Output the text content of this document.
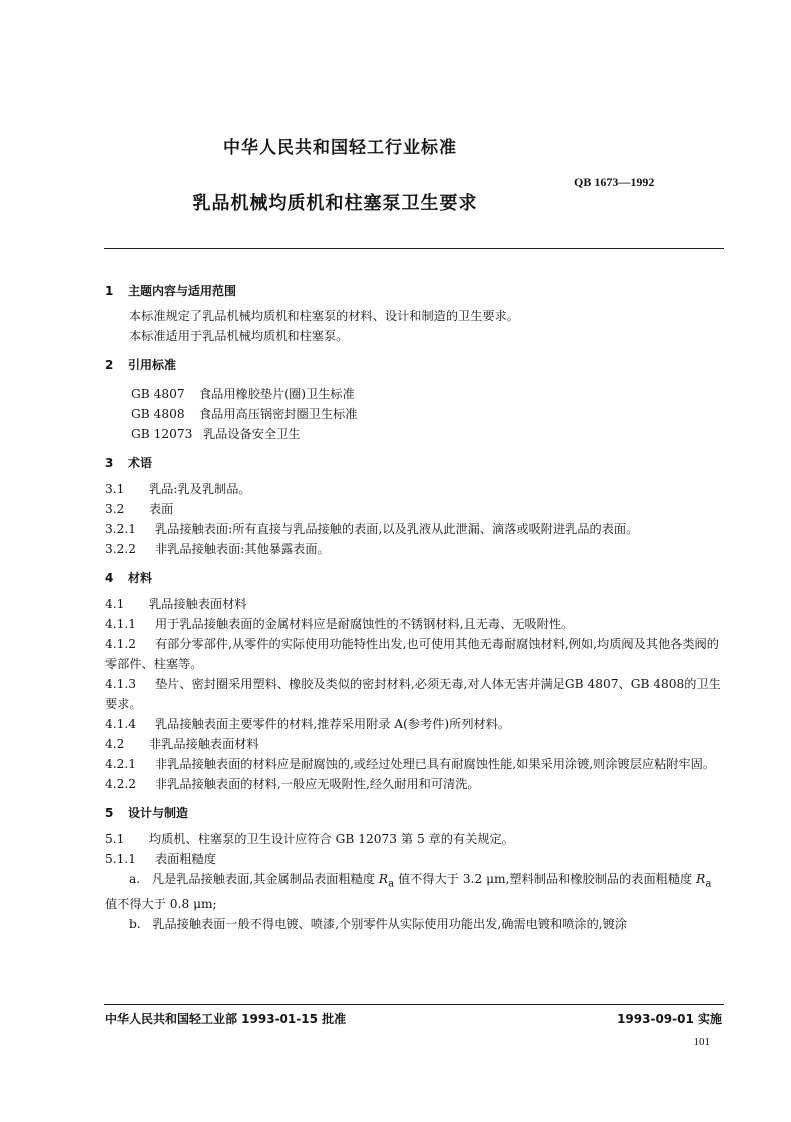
中华人民共和国轻工行业标准
QB 1673—1992
乳品机械均质机和柱塞泵卫生要求

1 主题内容与适用范围

本标准规定了乳品机械均质机和柱塞泵的材料、设计和制造的卫生要求。

本标准适用于乳品机械均质机和柱塞泵。

2 引用标准

GB 4807 食品用橡胶垫片(圈)卫生标准

GB 4808 食品用高压锅密封圈卫生标准

GB 12073 乳品设备安全卫生

3 术语

3.1 乳品:乳及乳制品。

3.2 表面

3.2.1 乳品接触表面:所有直接与乳品接触的表面,以及乳液从此泄漏、滴落或吸附进乳品的表面。

3.2.2 非乳品接触表面:其他暴露表面。

4 材料

4.1 乳品接触表面材料

4.1.1 用于乳品接触表面的金属材料应是耐腐蚀性的不锈钢材料,且无毒、无吸附性。

4.1.2 有部分零部件,从零件的实际使用功能特性出发,也可使用其他无毒耐腐蚀材料,例如,均质阀及其他各类阀的零部件、柱塞等。

4.1.3 垫片、密封圈采用塑料、橡胶及类似的密封材料,必须无毒,对人体无害并满足GB 4807、GB 4808的卫生要求。

4.1.4 乳品接触表面主要零件的材料,推荐采用附录 A(参考件)所列材料。

4.2 非乳品接触表面材料

4.2.1 非乳品接触表面的材料应是耐腐蚀的,或经过处理已具有耐腐蚀性能,如果采用涂镀,则涂镀层应粘附牢固。

4.2.2 非乳品接触表面的材料,一般应无吸附性,经久耐用和可清洗。

5 设计与制造

5.1 均质机、柱塞泵的卫生设计应符合 GB 12073 第 5 章的有关规定。

5.1.1 表面粗糙度

a. 凡是乳品接触表面,其金属制品表面粗糙度 $R_a$ 值不得大于 3.2 μm,塑料制品和橡胶制品的表面粗糙度 $R_a$ 值不得大于 0.8 μm;

b. 乳品接触表面一般不得电镀、喷漆,个别零件从实际使用功能出发,确需电镀和喷涂的,镀涂

中华人民共和国轻工业部 1993-01-15 批准	1993-09-01 实施
101
